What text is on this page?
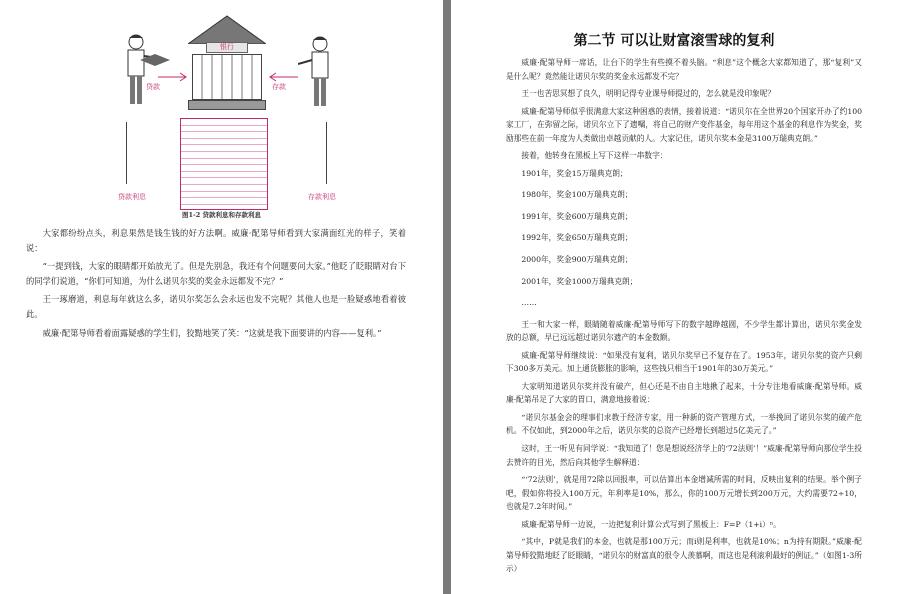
贷款
银行
存款
贷款利息	存款利息
图1-2 贷款利息和存款利息

大家都纷纷点头，利息果然是钱生钱的好方法啊。威廉·配第导师看到大家满面红光的样子，笑着说：

“一提到钱，大家的眼睛都开始放光了。但是先别急，我还有个问题要问大家。”他眨了眨眼睛对台下的同学们说道，“你们可知道，为什么诺贝尔奖的奖金永远都发不完？”

王一琢磨道，利息每年就这么多，诺贝尔奖怎么会永远也发不完呢？其他人也是一脸疑惑地看着彼此。

威廉·配第导师看着面露疑惑的学生们，狡黠地笑了笑：“这就是我下面要讲的内容——复利。”

第二节 可以让财富滚雪球的复利

威廉·配第导师一席话，让台下的学生有些摸不着头脑。“利息”这个概念大家都知道了，那“复利”又是什么呢？竟然能让诺贝尔奖的奖金永远都发不完？

王一也苦思冥想了良久，明明记得专业课导师提过的，怎么就是没印象呢？

威廉·配第导师似乎很满意大家这种困惑的表情，接着说道：“诺贝尔在全世界20个国家开办了约100家工厂，在弥留之际，诺贝尔立下了遗嘱，将自己的财产变作基金，每年用这个基金的利息作为奖金，奖励那些在前一年度为人类做出卓越贡献的人。大家记住，诺贝尔奖本金是3100万瑞典克朗。”

接着，他转身在黑板上写下这样一串数字：

1901年，奖金15万瑞典克朗；
1980年，奖金100万瑞典克朗；
1991年，奖金600万瑞典克朗；
1992年，奖金650万瑞典克朗；
2000年，奖金900万瑞典克朗；
2001年，奖金1000万瑞典克朗；
……

王一和大家一样，眼睛随着威廉·配第导师写下的数字越睁越圆，不少学生都计算出，诺贝尔奖金发放的总额，早已远远超过诺贝尔遗产的本金数额。

威廉·配第导师继续说：“如果没有复利，诺贝尔奖早已不复存在了。1953年，诺贝尔奖的资产只剩下300多万美元。加上通货膨胀的影响，这些钱只相当于1901年的30万美元。”

大家明知道诺贝尔奖并没有破产，但心还是不由自主地揪了起来，十分专注地看威廉·配第导师。威廉·配第吊足了大家的胃口，满意地接着说：

“诺贝尔基金会的理事们求教于经济专家，用一种新的资产管理方式，一举挽回了诺贝尔奖的破产危机。不仅如此，到2000年之后，诺贝尔奖的总资产已经增长到超过5亿美元了。”

这时，王一听见有同学说：“我知道了！您是想说经济学上的‘72法则’！”威廉·配第导师向那位学生投去赞许的目光，然后向其他学生解释道：

“‘72法则’，就是用72除以回报率，可以估算出本金增减所需的时间，反映出复利的结果。举个例子吧，假如你将投入100万元，年利率是10%，那么，你的100万元增长到200万元，大约需要72÷10，也就是7.2年时间。”

威廉·配第导师一边说，一边把复利计算公式写到了黑板上：F=P（1+i）ⁿ。

“其中，P就是我们的本金，也就是那100万元；而i则是利率，也就是10%；n为持有期限。”威廉·配第导师狡黠地眨了眨眼睛，“诺贝尔的财富真的很令人羡慕啊，而这也是利滚利最好的例证。”（如图1-3所示）
